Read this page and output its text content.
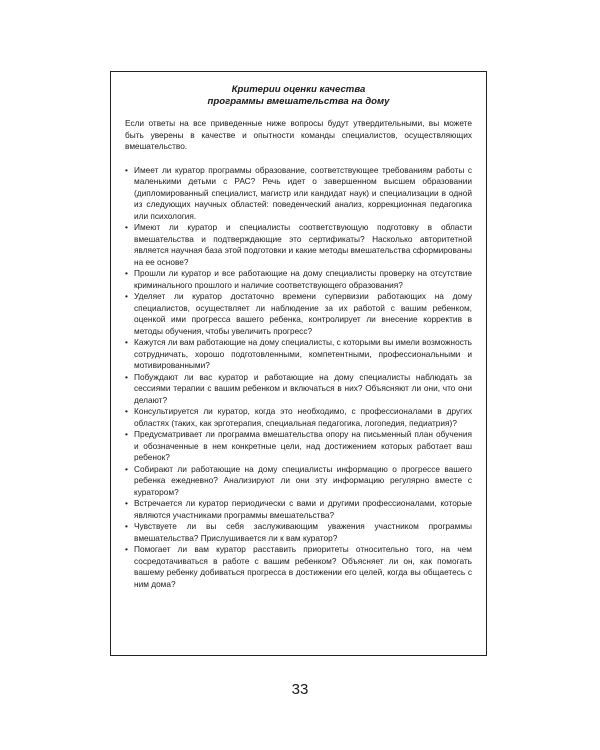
Критерии оценки качества
программы вмешательства на дому

Если ответы на все приведенные ниже вопросы будут утвердительными, вы можете быть уверены в качестве и опытности команды специалистов, осуществляющих вмешательство.

• Имеет ли куратор программы образование, соответствующее требованиям работы с маленькими детьми с РАС? Речь идет о завершенном высшем образовании (дипломированный специалист, магистр или кандидат наук) и специализации в одной из следующих научных областей: поведенческий анализ, коррекционная педагогика или психология.
• Имеют ли куратор и специалисты соответствующую подготовку в области вмешательства и подтверждающие это сертификаты? Насколько авторитетной является научная база этой подготовки и какие методы вмешательства сформированы на ее основе?
• Прошли ли куратор и все работающие на дому специалисты проверку на отсутствие криминального прошлого и наличие соответствующего образования?
• Уделяет ли куратор достаточно времени супервизии работающих на дому специалистов, осуществляет ли наблюдение за их работой с вашим ребенком, оценкой ими прогресса вашего ребенка, контролирует ли внесение корректив в методы обучения, чтобы увеличить прогресс?
• Кажутся ли вам работающие на дому специалисты, с которыми вы имели возможность сотрудничать, хорошо подготовленными, компетентными, профессиональными и мотивированными?
• Побуждают ли вас куратор и работающие на дому специалисты наблюдать за сессиями терапии с вашим ребенком и включаться в них? Объясняют ли они, что они делают?
• Консультируется ли куратор, когда это необходимо, с профессионалами в других областях (таких, как эрготерапия, специальная педагогика, логопедия, педиатрия)?
• Предусматривает ли программа вмешательства опору на письменный план обучения и обозначенные в нем конкретные цели, над достижением которых работает ваш ребенок?
• Собирают ли работающие на дому специалисты информацию о прогрессе вашего ребенка ежедневно? Анализируют ли они эту информацию регулярно вместе с куратором?
• Встречается ли куратор периодически с вами и другими профессионалами, которые являются участниками программы вмешательства?
• Чувствуете ли вы себя заслуживающим уважения участником программы вмешательства? Прислушивается ли к вам куратор?
• Помогает ли вам куратор расставить приоритеты относительно того, на чем сосредотачиваться в работе с вашим ребенком? Объясняет ли он, как помогать вашему ребенку добиваться прогресса в достижении его целей, когда вы общаетесь с ним дома?
33
